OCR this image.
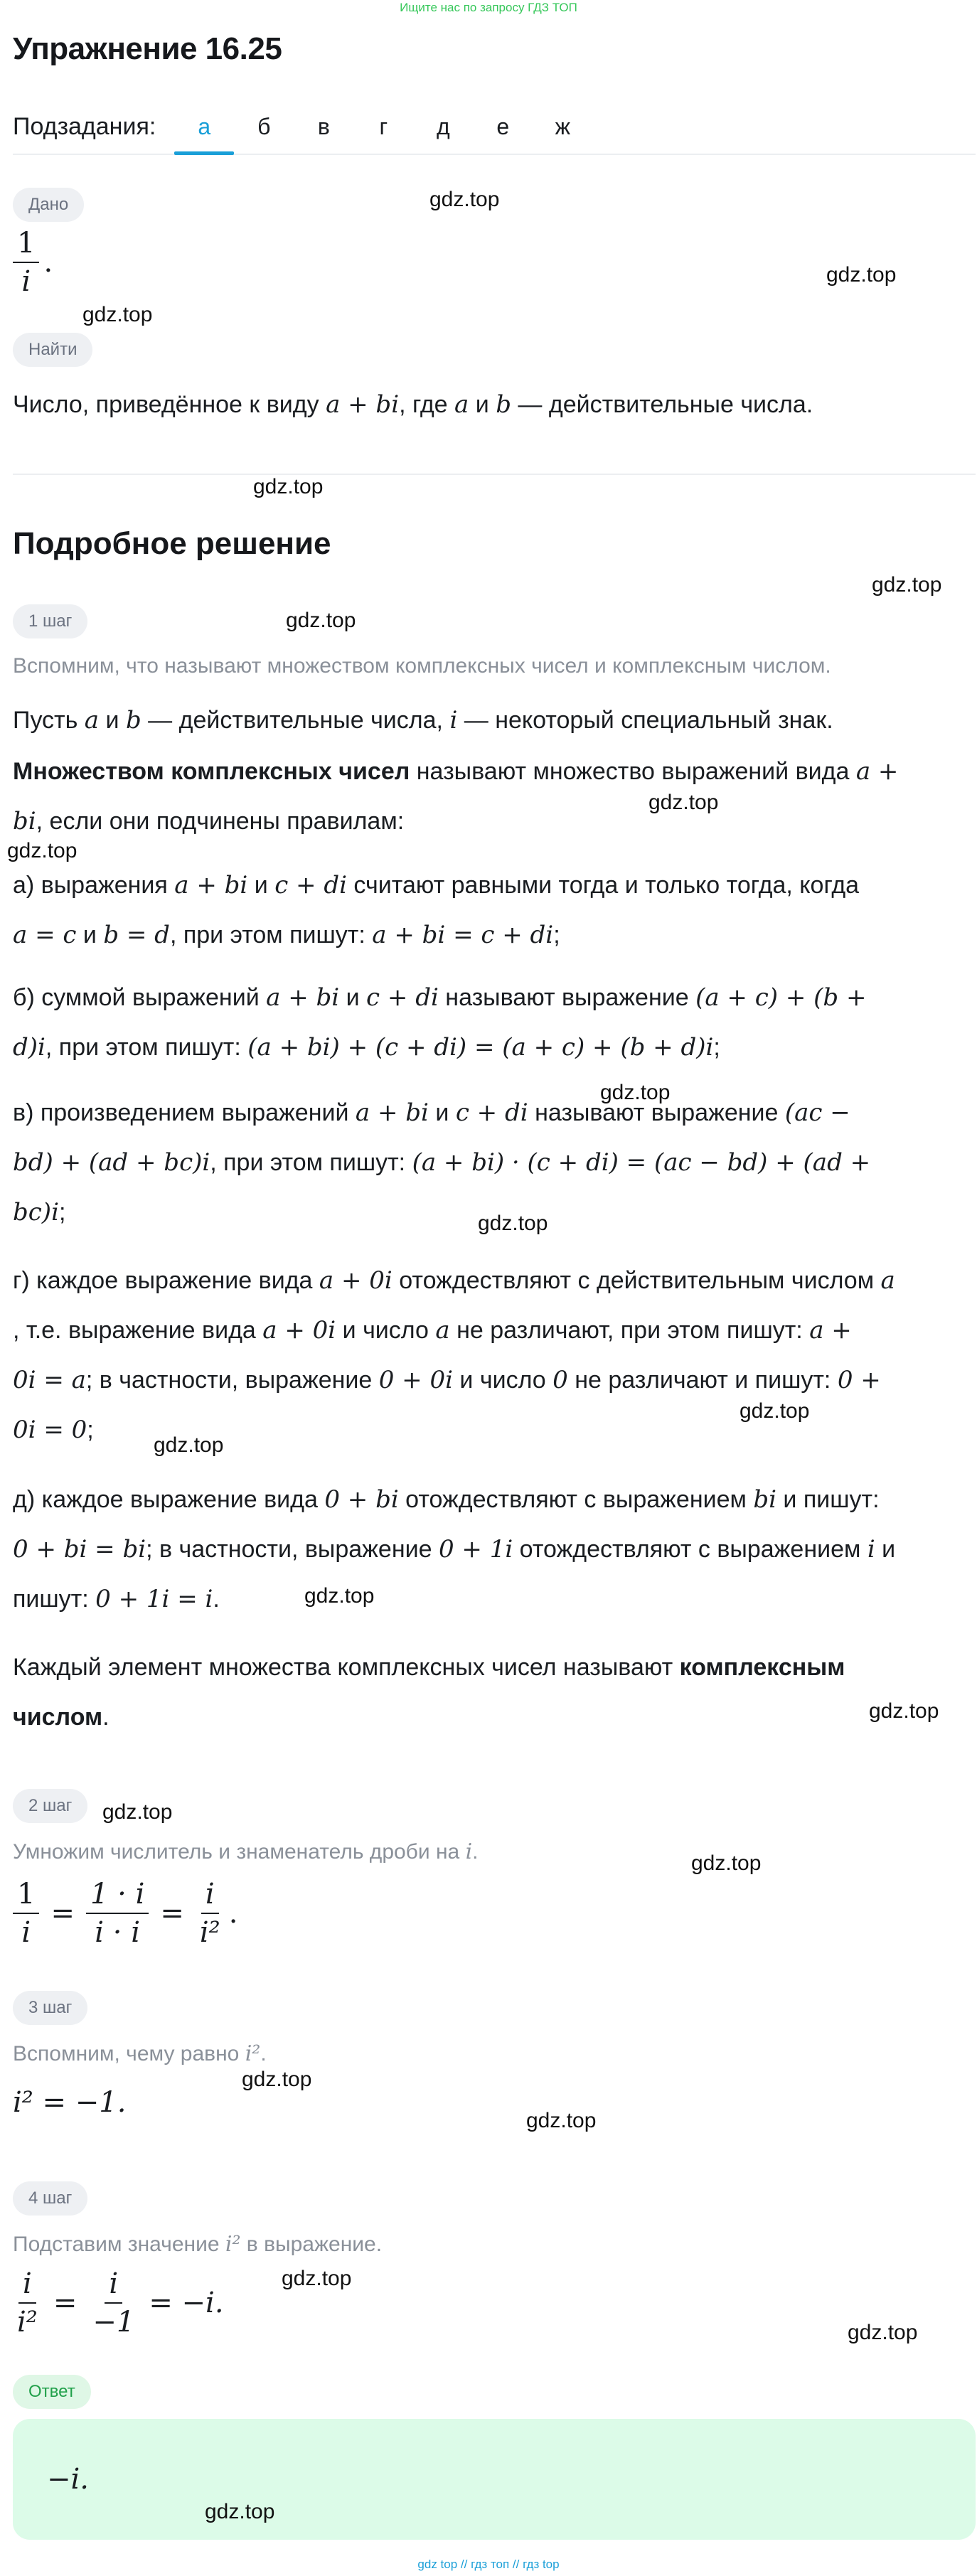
Ищите нас по запросу ГДЗ ТОП
Упражнение 16.25
Подзадания:	а	б	в	г	д	е	ж
Дано
$\frac{1}{i}$ .
Найти
Число, приведённое к виду a + bi, где a и b — действительные числа.
Подробное решение
1 шаг
Вспомним, что называют множеством комплексных чисел и комплексным числом.
Пусть a и b — действительные числа, i — некоторый специальный знак.
Множеством комплексных чисел называют множество выражений вида a +
bi, если они подчинены правилам:
а) выражения a + bi и c + di считают равными тогда и только тогда, когда
a = c и b = d, при этом пишут: a + bi = c + di;
б) суммой выражений a + bi и c + di называют выражение (a + c) + (b +
d)i, при этом пишут: (a + bi) + (c + di) = (a + c) + (b + d)i;
в) произведением выражений a + bi и c + di называют выражение (ac −
bd) + (ad + bc)i, при этом пишут: (a + bi) · (c + di) = (ac − bd) + (ad +
bc)i;
г) каждое выражение вида a + 0i отождествляют с действительным числом a
, т.е. выражение вида a + 0i и число a не различают, при этом пишут: a +
0i = a; в частности, выражение 0 + 0i и число 0 не различают и пишут: 0 +
0i = 0;
д) каждое выражение вида 0 + bi отождествляют с выражением bi и пишут:
0 + bi = bi; в частности, выражение 0 + 1i отождествляют с выражением i и
пишут: 0 + 1i = i.
Каждый элемент множества комплексных чисел называют комплексным
числом.
2 шаг
Умножим числитель и знаменатель дроби на i.
$\frac{1}{i} = \frac{1 \cdot i}{i \cdot i} = \frac{i}{\text{i²}}$ .
3 шаг
Вспомним, чему равно i².
i² = −1.
4 шаг
Подставим значение i² в выражение.
$\frac{i}{\text{i²}} = \frac{i}{-1} = -i$.
Ответ
−i.
gdz.top
gdz.top
gdz.top
gdz.top
gdz.top
gdz.top
gdz.top
gdz.top
gdz.top
gdz.top
gdz.top
gdz.top
gdz.top
gdz.top
gdz.top
gdz.top
gdz.top
gdz.top
gdz.top
gdz.top
gdz.top
gdz top // гдз топ // гдз top
